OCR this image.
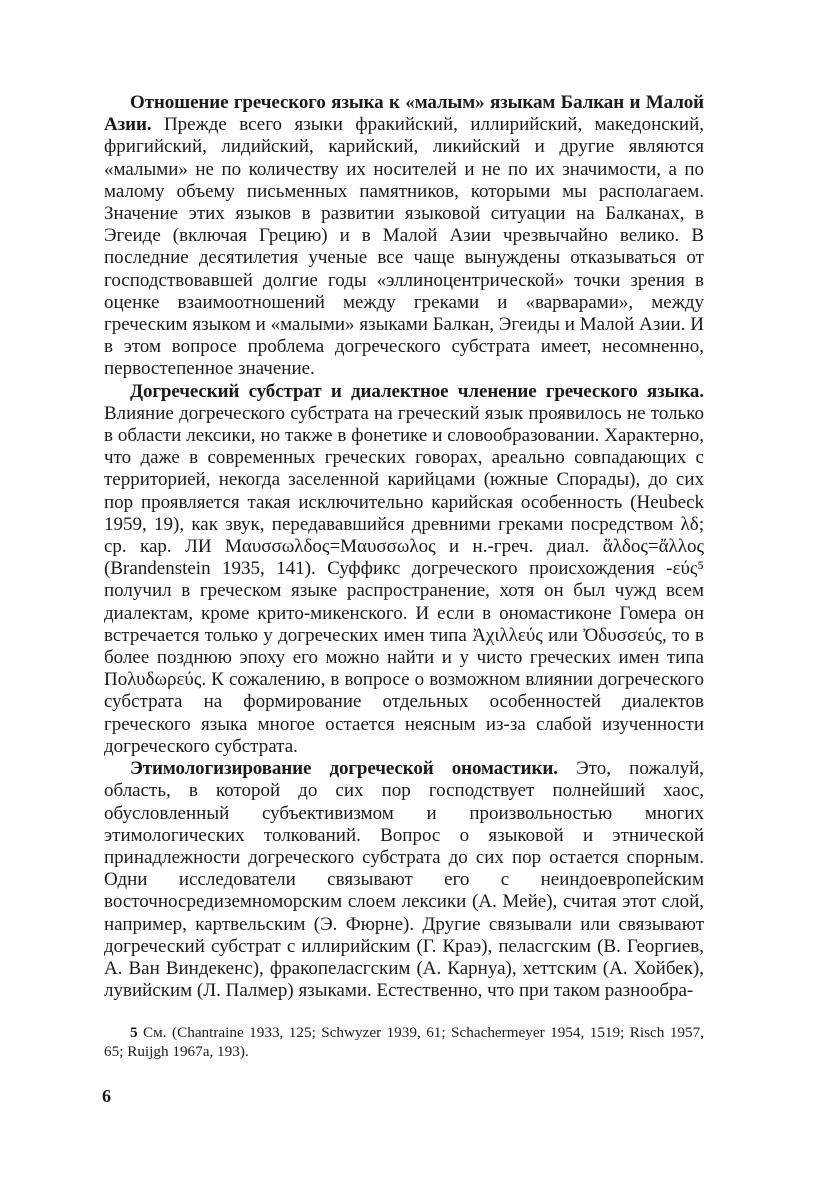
Отношение греческого языка к «малым» языкам Балкан и Малой Азии. Прежде всего языки фракийский, иллирийский, македонский, фригийский, лидийский, карийский, ликийский и другие являются «малыми» не по количеству их носителей и не по их значимости, а по малому объему письменных памятников, которыми мы располагаем. Значение этих языков в развитии языковой ситуации на Балканах, в Эгеиде (включая Грецию) и в Малой Азии чрезвычайно велико. В последние десятилетия ученые все чаще вынуждены отказываться от господствовавшей долгие годы «эллиноцентрической» точки зрения в оценке взаимоотношений между греками и «варварами», между греческим языком и «малыми» языками Балкан, Эгеиды и Малой Азии. И в этом вопросе проблема догреческого субстрата имеет, несомненно, первостепенное значение.

Догреческий субстрат и диалектное членение греческого языка. Влияние догреческого субстрата на греческий язык проявилось не только в области лексики, но также в фонетике и словообразовании. Характерно, что даже в современных греческих говорах, ареально совпадающих с территорией, некогда заселенной карийцами (южные Спорады), до сих пор проявляется такая исключительно карийская особенность (Heubeck 1959, 19), как звук, передававшийся древними греками посредством λδ; ср. кар. ЛИ Μαυσσωλδος=Μαυσσωλος и н.-греч. диал. ἄλδος=ἄλλος (Brandenstein 1935, 141). Суффикс догреческого происхождения -εύς⁵ получил в греческом языке распространение, хотя он был чужд всем диалектам, кроме крито-микенского. И если в ономастиконе Гомера он встречается только у догреческих имен типа Ἀχιλλεύς или Ὀδυσσεύς, то в более позднюю эпоху его можно найти и у чисто греческих имен типа Πολυδωρεύς. К сожалению, в вопросе о возможном влиянии догреческого субстрата на формирование отдельных особенностей диалектов греческого языка многое остается неясным из-за слабой изученности догреческого субстрата.

Этимологизирование догреческой ономастики. Это, пожалуй, область, в которой до сих пор господствует полнейший хаос, обусловленный субъективизмом и произвольностью многих этимологических толкований. Вопрос о языковой и этнической принадлежности догреческого субстрата до сих пор остается спорным. Одни исследователи связывают его с неиндоевропейским восточносредиземноморским слоем лексики (А. Мейе), считая этот слой, например, картвельским (Э. Фюрне). Другие связывали или связывают догреческий субстрат с иллирийским (Г. Краэ), пеласгским (В. Георгиев, А. Ван Виндекенс), фракопеласгским (А. Карнуа), хеттским (А. Хойбек), лувийским (Л. Палмер) языками. Естественно, что при таком разнообра-

5 См. (Chantraine 1933, 125; Schwyzer 1939, 61; Schachermeyer 1954, 1519; Risch 1957, 65; Ruijgh 1967a, 193).

6
